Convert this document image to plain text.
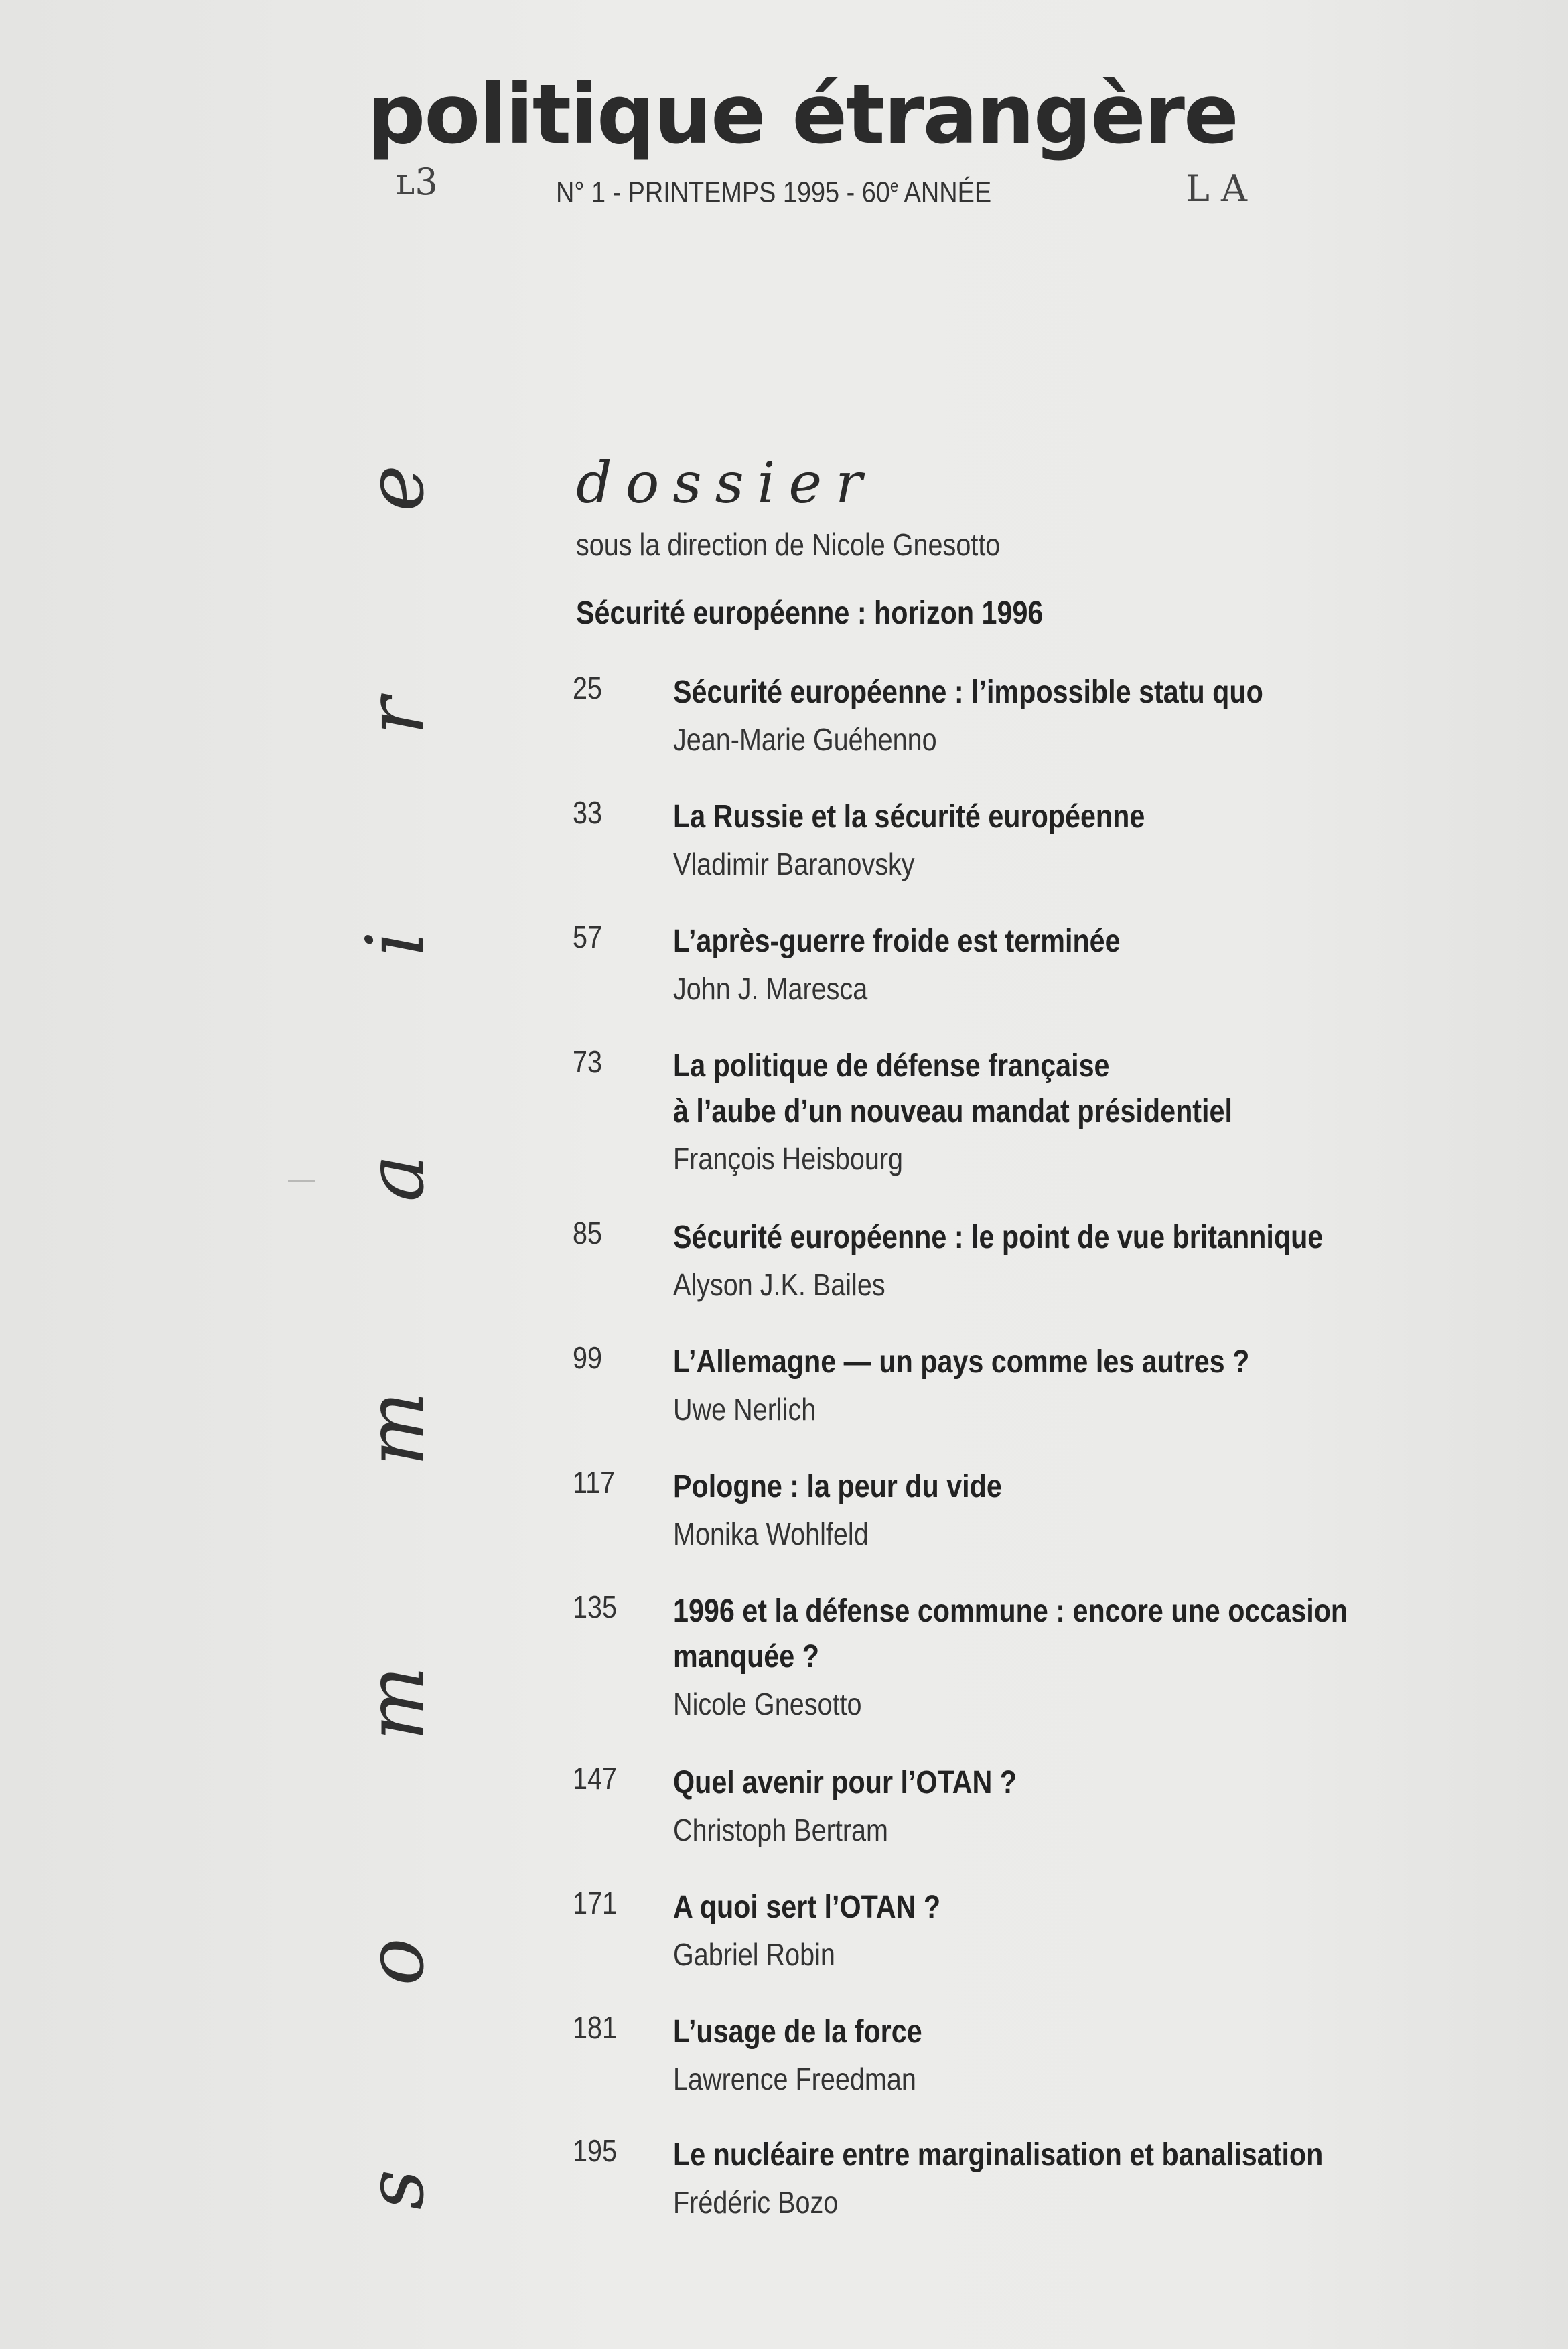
politique étrangère
ʟ3	N° 1 - PRINTEMPS 1995 - 60e ANNÉE	L A
e
r
i
a
m
m
o
s
dossier
sous la direction de Nicole Gnesotto
Sécurité européenne : horizon 1996
25	Sécurité européenne : l’impossible statu quo
Jean-Marie Guéhenno
33	La Russie et la sécurité européenne
Vladimir Baranovsky
57	L’après-guerre froide est terminée
John J. Maresca
73	La politique de défense française
à l’aube d’un nouveau mandat présidentiel
François Heisbourg
85	Sécurité européenne : le point de vue britannique
Alyson J.K. Bailes
99	L’Allemagne — un pays comme les autres ?
Uwe Nerlich
117	Pologne : la peur du vide
Monika Wohlfeld
135	1996 et la défense commune : encore une occasion
manquée ?
Nicole Gnesotto
147	Quel avenir pour l’OTAN ?
Christoph Bertram
171	A quoi sert l’OTAN ?
Gabriel Robin
181	L’usage de la force
Lawrence Freedman
195	Le nucléaire entre marginalisation et banalisation
Frédéric Bozo
